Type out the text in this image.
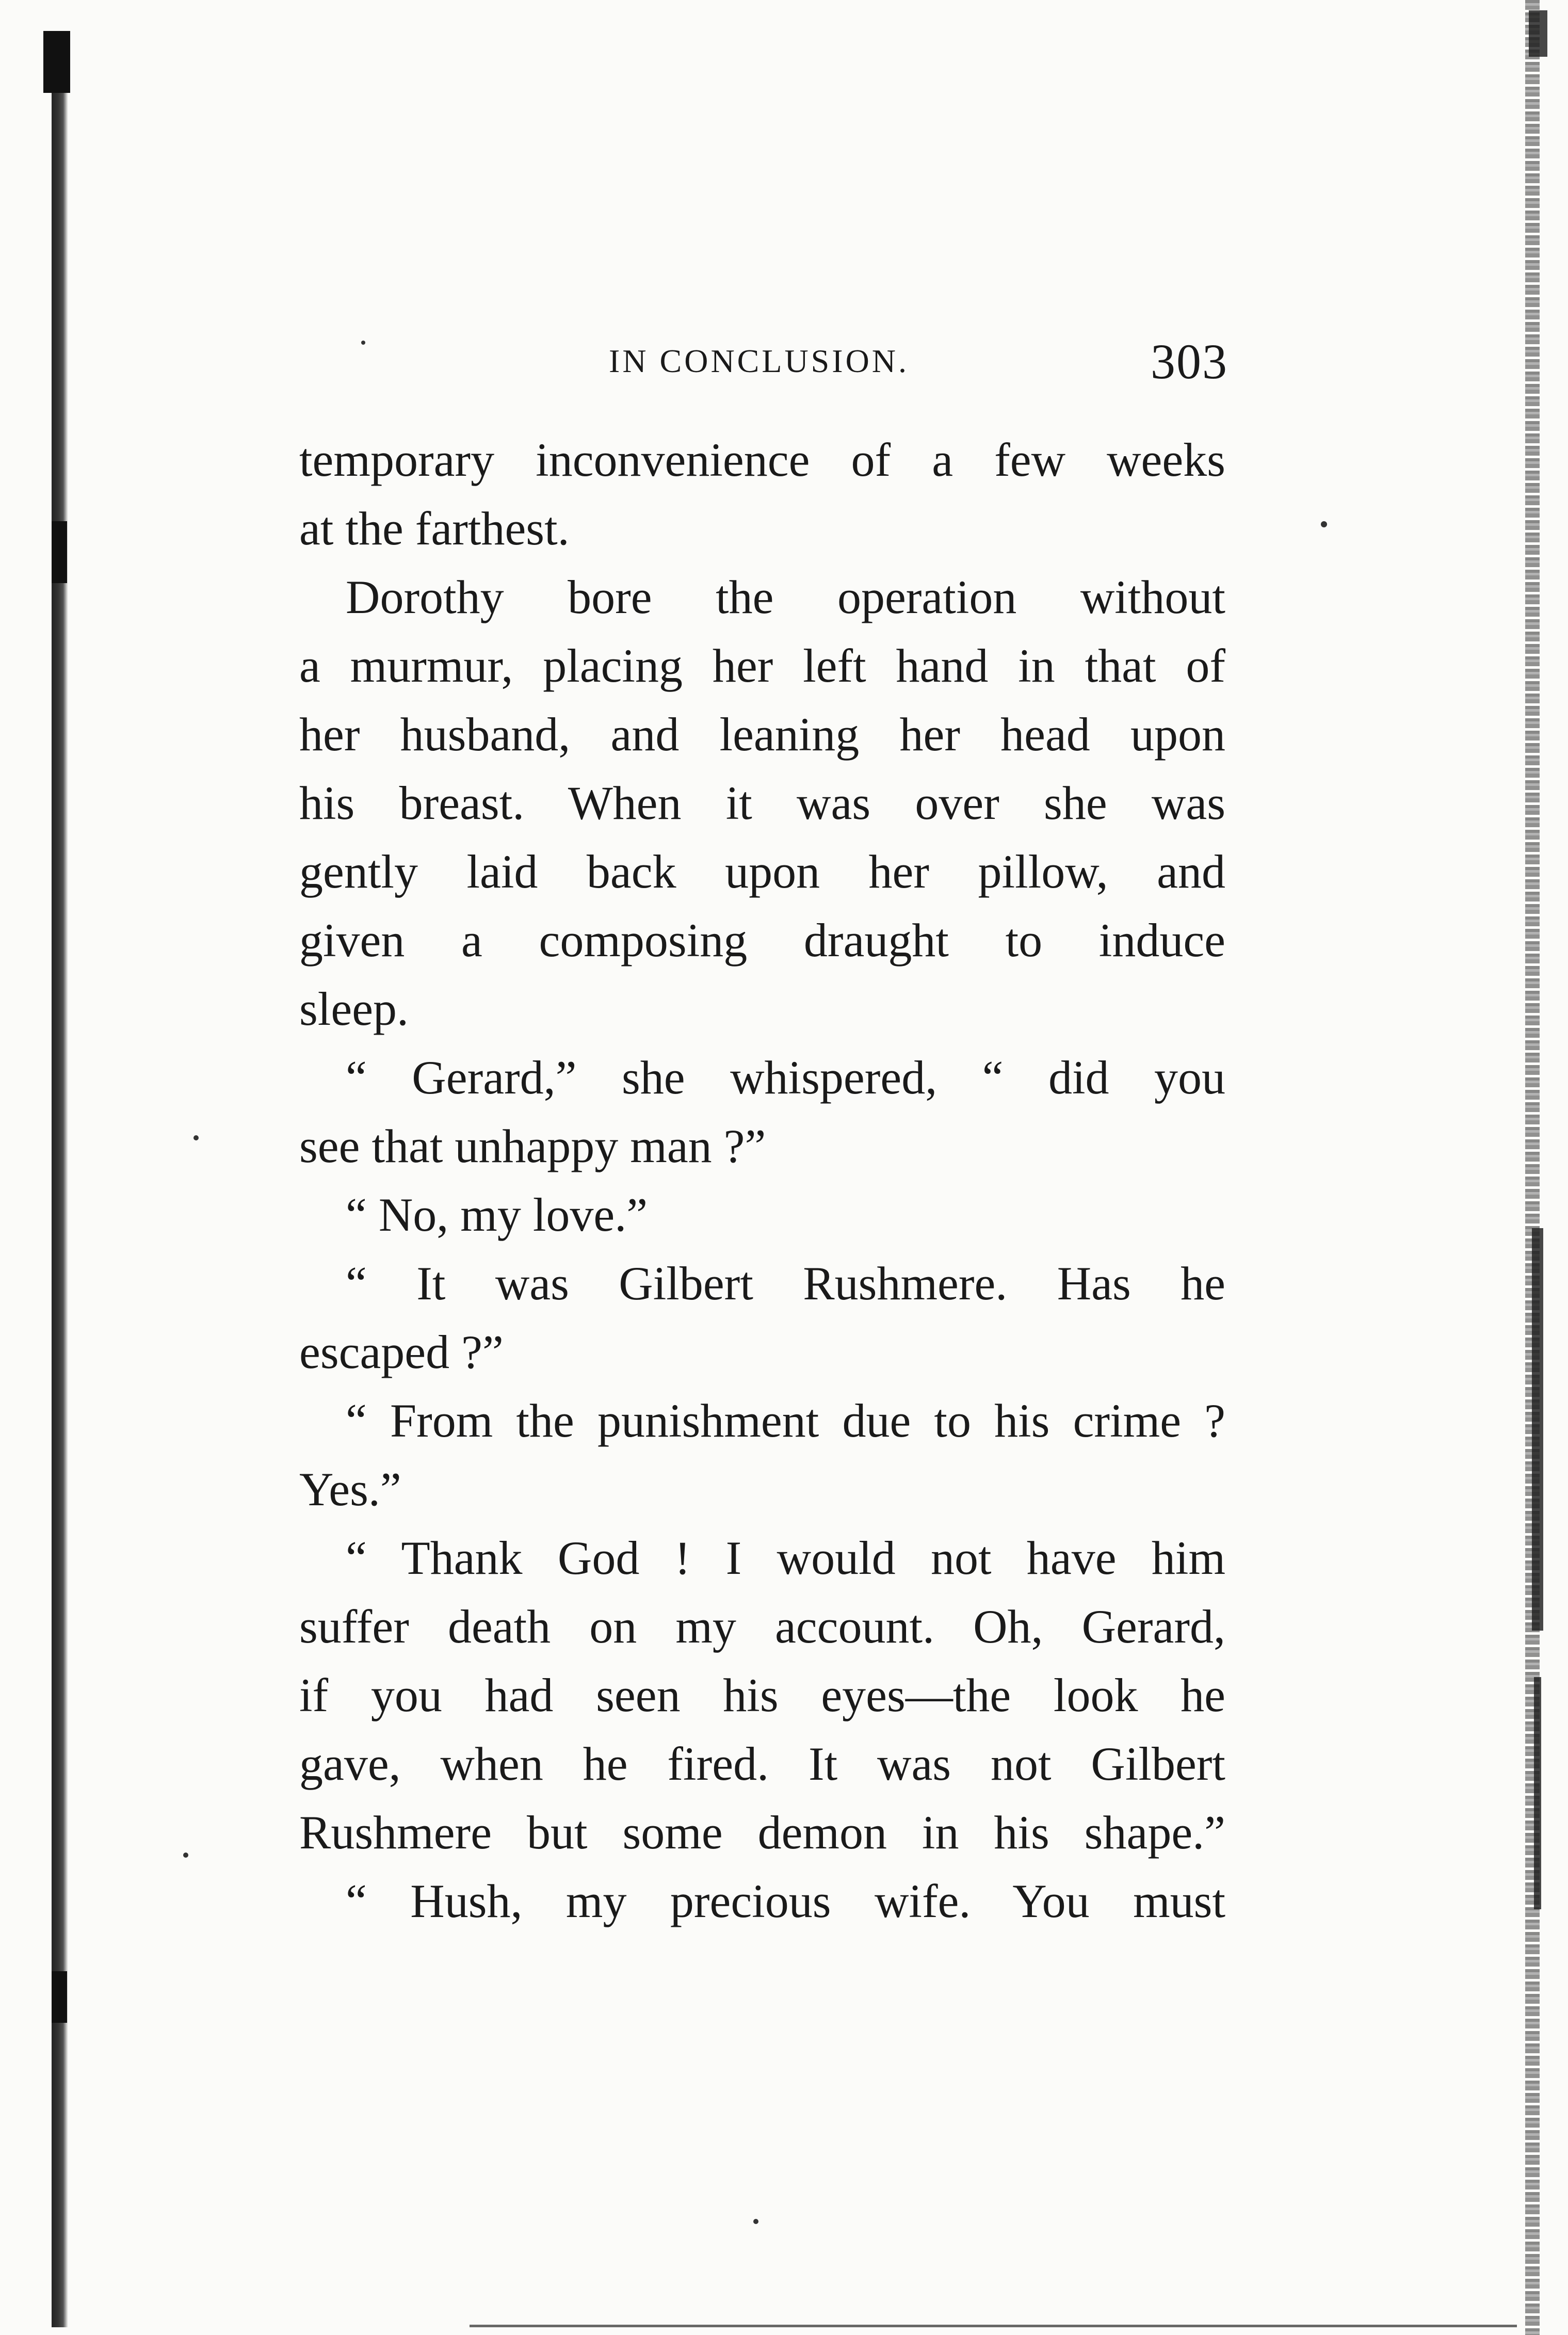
IN CONCLUSION.	303
temporary inconvenience of a few weeks
at the farthest.
Dorothy bore the operation without
a murmur, placing her left hand in that of
her husband, and leaning her head upon
his breast. When it was over she was
gently laid back upon her pillow, and
given a composing draught to induce
sleep.
“ Gerard,” she whispered, “ did you
see that unhappy man ?”
“ No, my love.”
“ It was Gilbert Rushmere. Has he
escaped ?”
“ From the punishment due to his crime ?
Yes.”
“ Thank God ! I would not have him
suffer death on my account. Oh, Gerard,
if you had seen his eyes—the look he
gave, when he fired. It was not Gilbert
Rushmere but some demon in his shape.”
“ Hush, my precious wife. You must
